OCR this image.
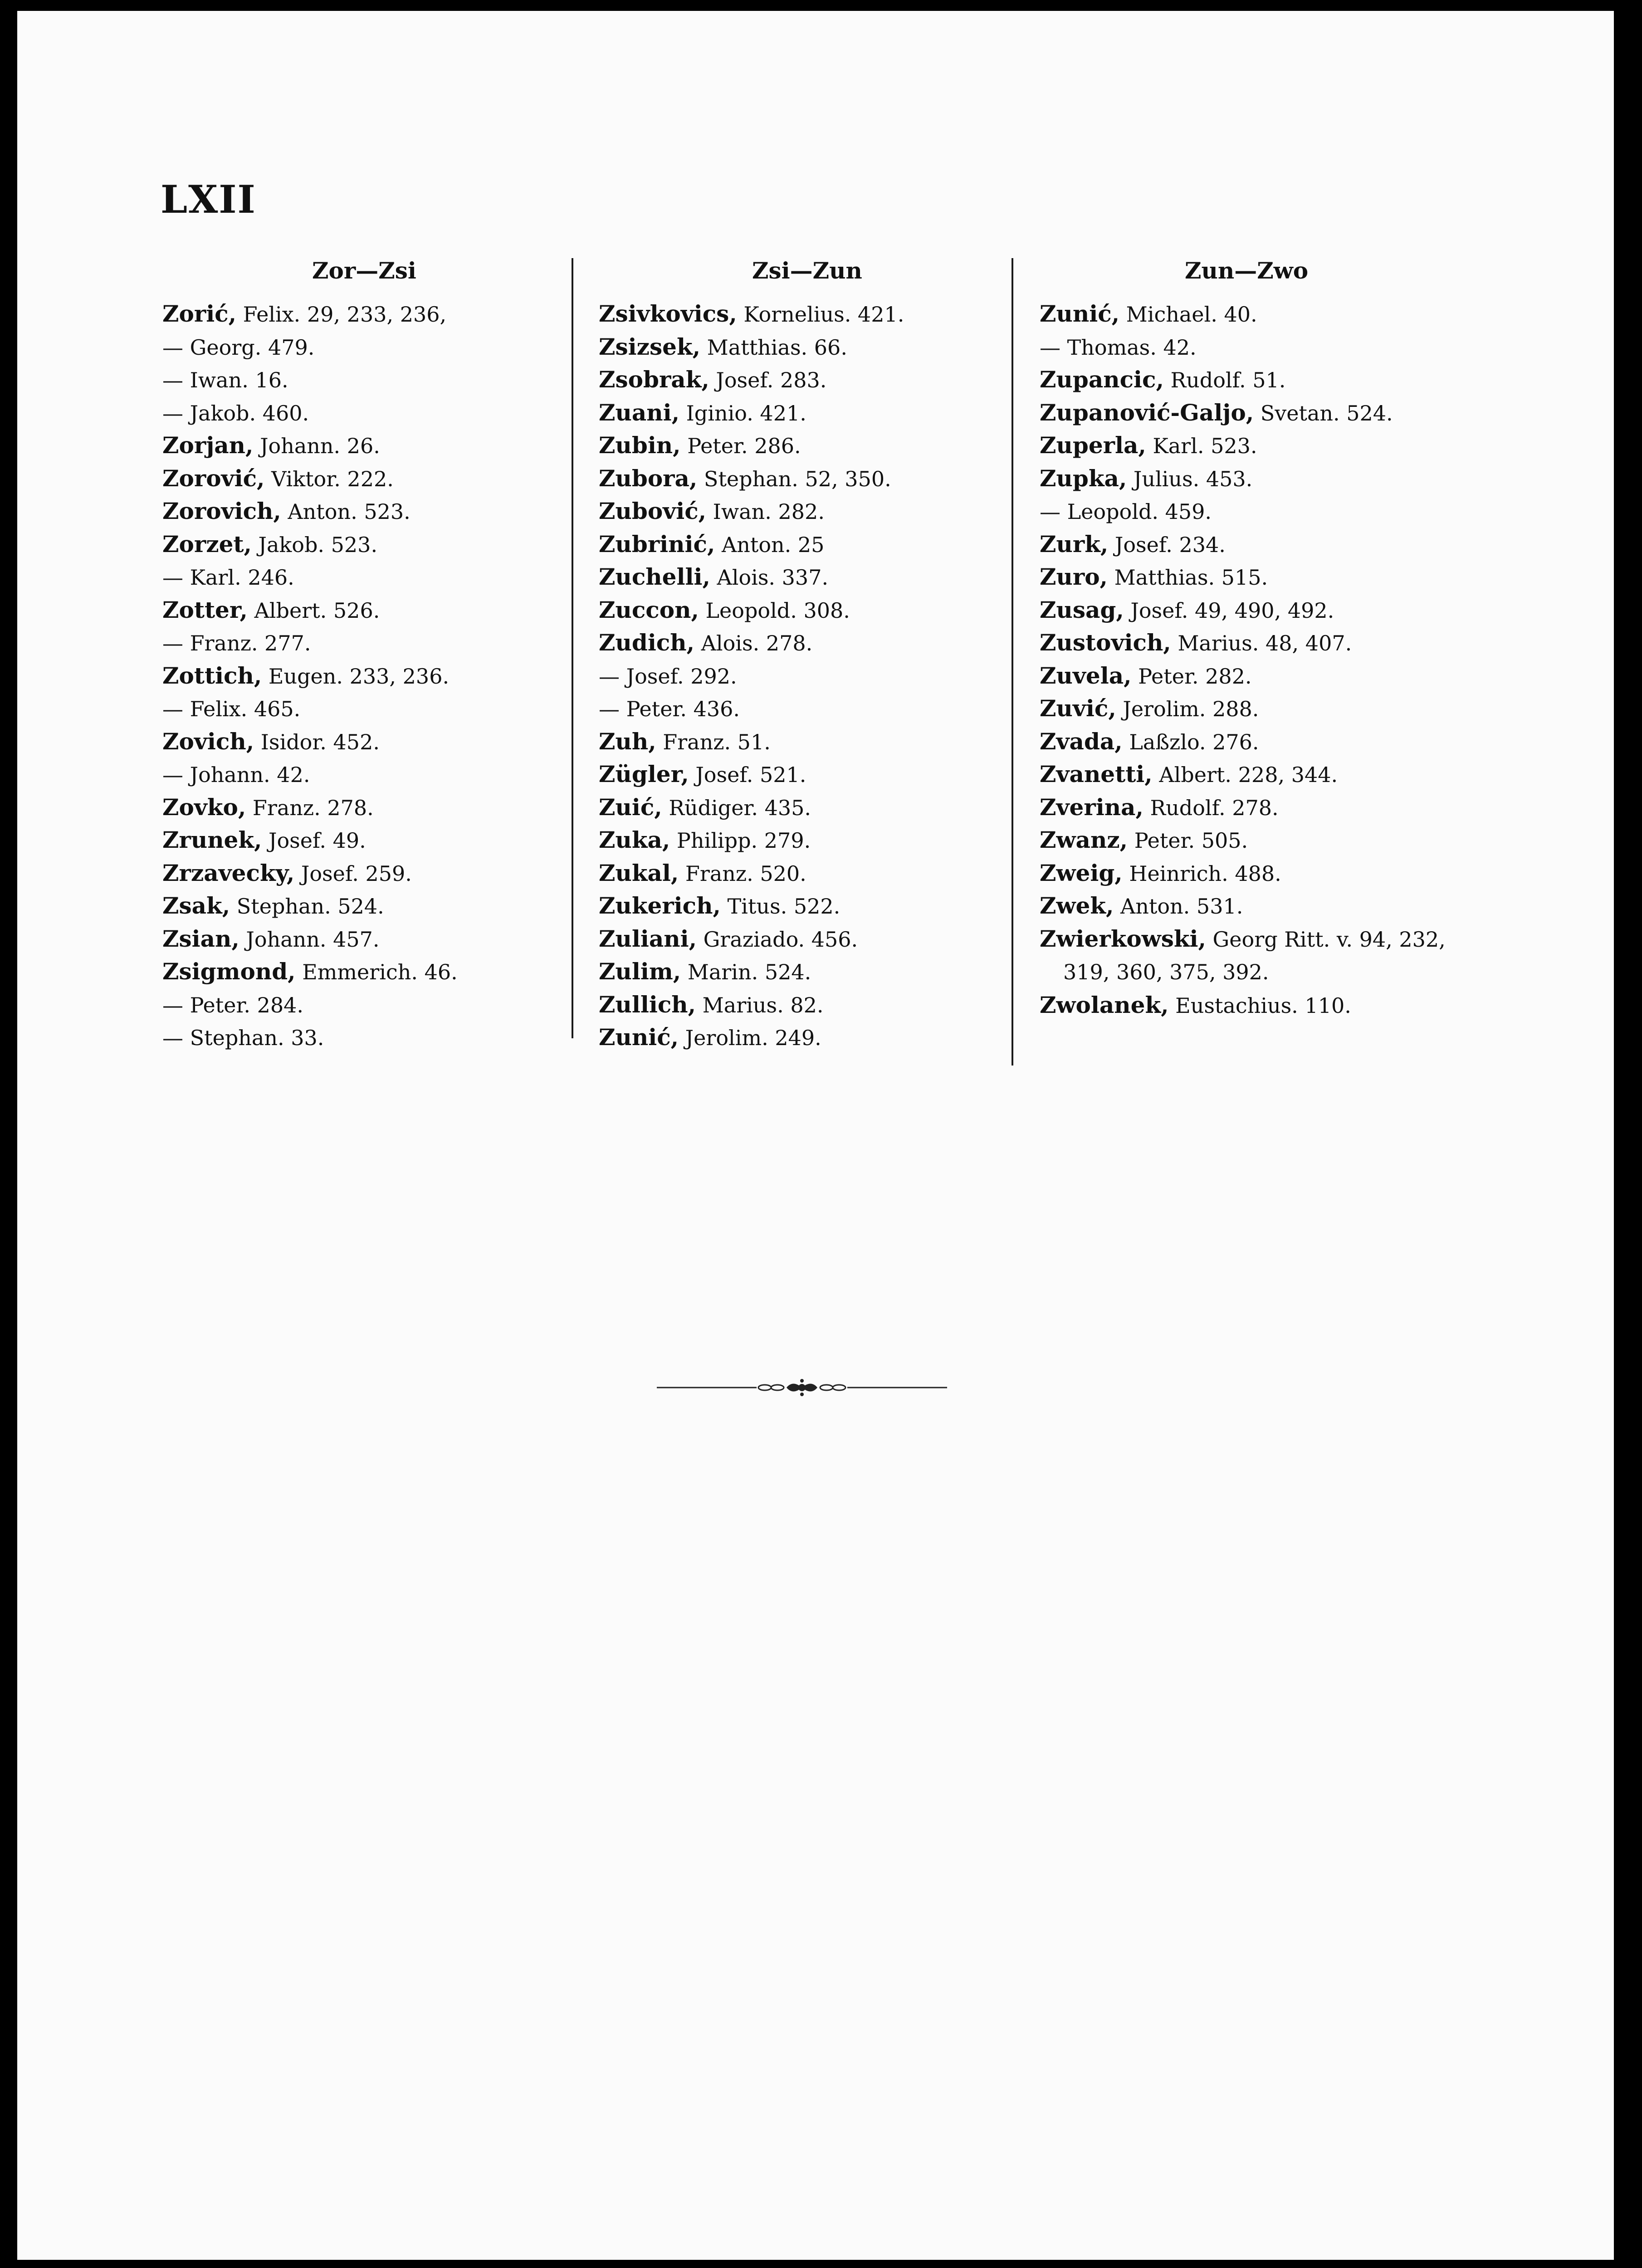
LXII
Zor—Zsi
Zorić, Felix. 29, 233, 236,
— Georg. 479.
— Iwan. 16.
— Jakob. 460.
Zorjan, Johann. 26.
Zorović, Viktor. 222.
Zorovich, Anton. 523.
Zorzet, Jakob. 523.
— Karl. 246.
Zotter, Albert. 526.
— Franz. 277.
Zottich, Eugen. 233, 236.
— Felix. 465.
Zovich, Isidor. 452.
— Johann. 42.
Zovko, Franz. 278.
Zrunek, Josef. 49.
Zrzavecky, Josef. 259.
Zsak, Stephan. 524.
Zsian, Johann. 457.
Zsigmond, Emmerich. 46.
— Peter. 284.
— Stephan. 33.
Zsi—Zun
Zsivkovics, Kornelius. 421.
Zsizsek, Matthias. 66.
Zsobrak, Josef. 283.
Zuani, Iginio. 421.
Zubin, Peter. 286.
Zubora, Stephan. 52, 350.
Zubović, Iwan. 282.
Zubrinić, Anton. 25
Zuchelli, Alois. 337.
Zuccon, Leopold. 308.
Zudich, Alois. 278.
— Josef. 292.
— Peter. 436.
Zuh, Franz. 51.
Zügler, Josef. 521.
Zuić, Rüdiger. 435.
Zuka, Philipp. 279.
Zukal, Franz. 520.
Zukerich, Titus. 522.
Zuliani, Graziado. 456.
Zulim, Marin. 524.
Zullich, Marius. 82.
Zunić, Jerolim. 249.
Zun—Zwo
Zunić, Michael. 40.
— Thomas. 42.
Zupancic, Rudolf. 51.
Zupanović-Galjo, Svetan. 524.
Zuperla, Karl. 523.
Zupka, Julius. 453.
— Leopold. 459.
Zurk, Josef. 234.
Zuro, Matthias. 515.
Zusag, Josef. 49, 490, 492.
Zustovich, Marius. 48, 407.
Zuvela, Peter. 282.
Zuvić, Jerolim. 288.
Zvada, Laßzlo. 276.
Zvanetti, Albert. 228, 344.
Zverina, Rudolf. 278.
Zwanz, Peter. 505.
Zweig, Heinrich. 488.
Zwek, Anton. 531.
Zwierkowski, Georg Ritt. v. 94, 232,
319, 360, 375, 392.
Zwolanek, Eustachius. 110.
